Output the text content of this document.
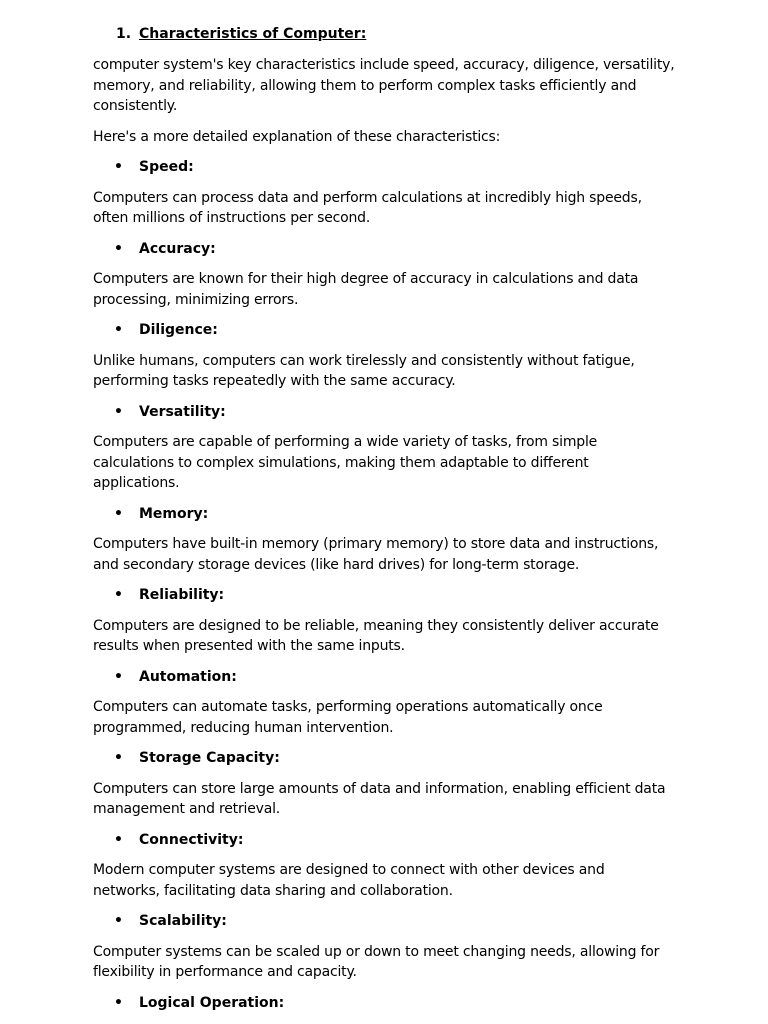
1. Characteristics of Computer:

computer system's key characteristics include speed, accuracy, diligence, versatility, memory, and reliability, allowing them to perform complex tasks efficiently and consistently.

Here's a more detailed explanation of these characteristics:

• Speed:

Computers can process data and perform calculations at incredibly high speeds, often millions of instructions per second.

• Accuracy:

Computers are known for their high degree of accuracy in calculations and data processing, minimizing errors.

• Diligence:

Unlike humans, computers can work tirelessly and consistently without fatigue, performing tasks repeatedly with the same accuracy.

• Versatility:

Computers are capable of performing a wide variety of tasks, from simple calculations to complex simulations, making them adaptable to different applications.

• Memory:

Computers have built-in memory (primary memory) to store data and instructions, and secondary storage devices (like hard drives) for long-term storage.

• Reliability:

Computers are designed to be reliable, meaning they consistently deliver accurate results when presented with the same inputs.

• Automation:

Computers can automate tasks, performing operations automatically once programmed, reducing human intervention.

• Storage Capacity:

Computers can store large amounts of data and information, enabling efficient data management and retrieval.

• Connectivity:

Modern computer systems are designed to connect with other devices and networks, facilitating data sharing and collaboration.

• Scalability:

Computer systems can be scaled up or down to meet changing needs, allowing for flexibility in performance and capacity.

• Logical Operation:
